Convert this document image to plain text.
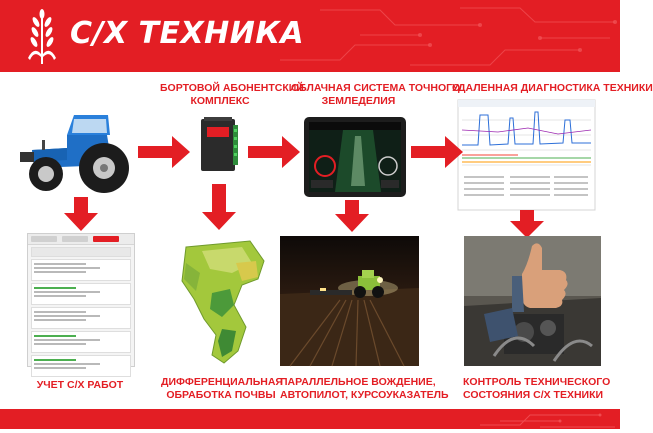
С/Х ТЕХНИКА
БОРТОВОЙ АБОНЕНТСКИЙ
КОМПЛЕКС
ОБЛАЧНАЯ СИСТЕМА ТОЧНОГО
ЗЕМЛЕДЕЛИЯ
УДАЛЕННАЯ ДИАГНОСТИКА ТЕХНИКИ
УЧЕТ С/Х РАБОТ	ДИФФЕРЕНЦИАЛЬНАЯ
ОБРАБОТКА ПОЧВЫ
ПАРАЛЛЕЛЬНОЕ ВОЖДЕНИЕ,
АВТОПИЛОТ, КУРСОУКАЗАТЕЛЬ
КОНТРОЛЬ ТЕХНИЧЕСКОГО
СОСТОЯНИЯ С/Х ТЕХНИКИ
